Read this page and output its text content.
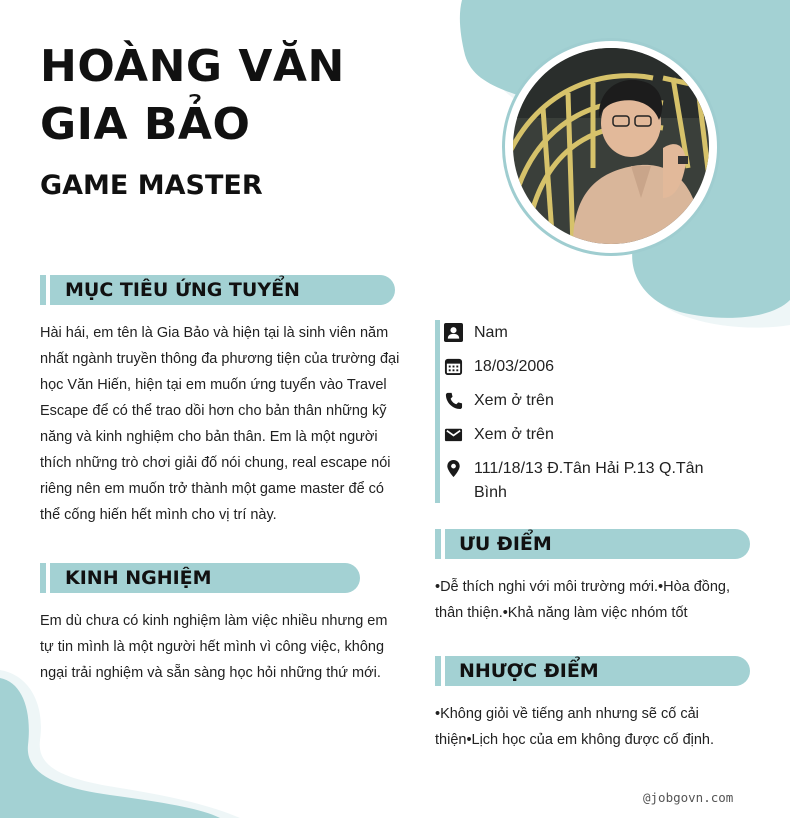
HOÀNG VĂN
GIA BẢO
GAME MASTER
MỤC TIÊU ỨNG TUYỂN
Hài hái, em tên là Gia Bảo và hiện tại là sinh viên năm nhất ngành truyền thông đa phương tiện của trường đại học Văn Hiến, hiện tại em muốn ứng tuyển vào Travel Escape để có thể trao dồi hơn cho bản thân những kỹ năng và kinh nghiệm cho bản thân. Em là một người thích những trò chơi giải đố nói chung, real escape nói riêng nên em muốn trở thành một game master để có thể cống hiến hết mình cho vị trí này.
KINH NGHIỆM
Em dù chưa có kinh nghiệm làm việc nhiều nhưng em tự tin mình là một người hết mình vì công việc, không ngại trải nghiệm và sẵn sàng học hỏi những thứ mới.
Nam
18/03/2006
Xem ở trên
Xem ở trên
111/18/13 Đ.Tân Hải P.13 Q.Tân Bình
ƯU ĐIỂM
•Dễ thích nghi với môi trường mới.•Hòa đồng, thân thiện.•Khả năng làm việc nhóm tốt
NHƯỢC ĐIỂM
•Không giỏi về tiếng anh nhưng sẽ cố cải thiện•Lịch học của em không được cố định.
@jobgovn.com
